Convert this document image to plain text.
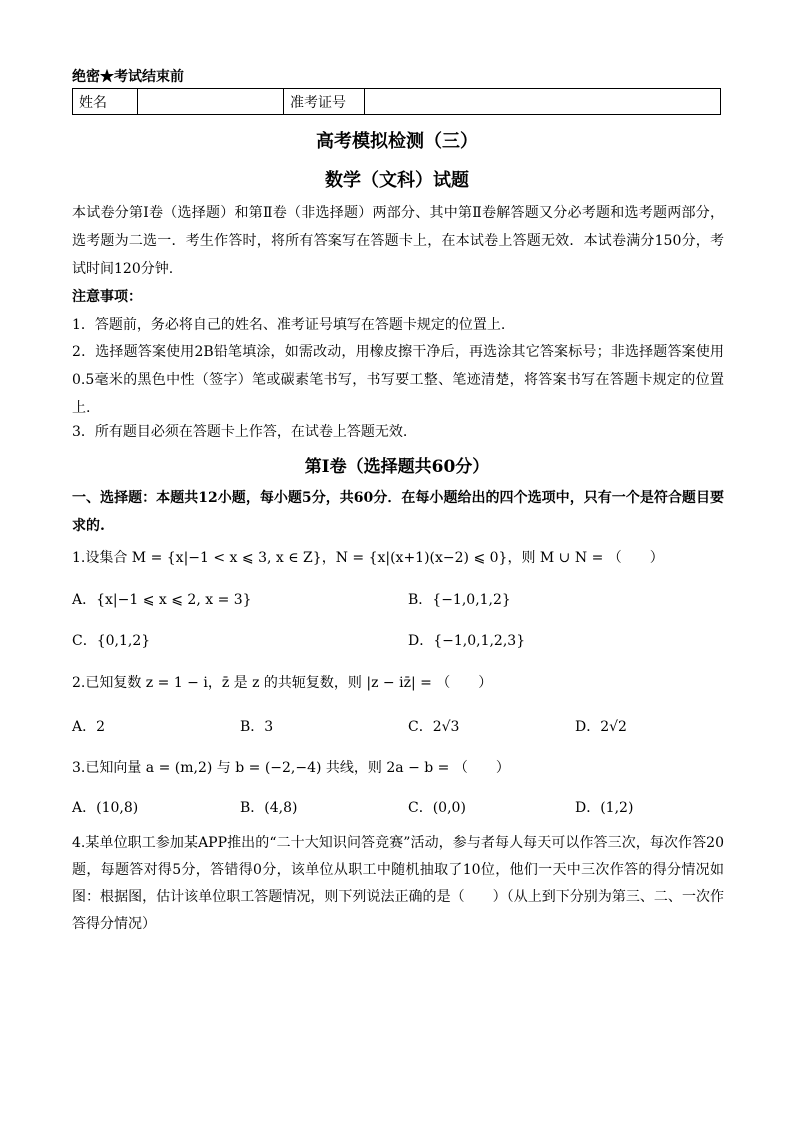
绝密★考试结束前
姓名		准考证号	
高考模拟检测（三）
数学（文科）试题
本试卷分第Ⅰ卷（选择题）和第Ⅱ卷（非选择题）两部分、其中第Ⅱ卷解答题又分必考题和选考题两部分，选考题为二选一．考生作答时，将所有答案写在答题卡上，在本试卷上答题无效．本试卷满分150分，考试时间120分钟.
注意事项：
1．答题前，务必将自己的姓名、准考证号填写在答题卡规定的位置上.
2．选择题答案使用2B铅笔填涂，如需改动，用橡皮擦干净后，再选涂其它答案标号；非选择题答案使用0.5毫米的黑色中性（签字）笔或碳素笔书写，书写要工整、笔迹清楚，将答案书写在答题卡规定的位置上.
3．所有题目必须在答题卡上作答，在试卷上答题无效.
第Ⅰ卷（选择题共60分）
一、选择题：本题共12小题，每小题5分，共60分．在每小题给出的四个选项中，只有一个是符合题目要求的.
1.设集合 M = {x|−1 < x ⩽ 3, x ∈ Z}，N = {x|(x+1)(x−2) ⩽ 0}，则 M ∪ N = （　　）
A．{x|−1 ⩽ x ⩽ 2, x = 3}	B．{−1,0,1,2}
C．{0,1,2}	D．{−1,0,1,2,3}
2.已知复数 z = 1 − i，z̄ 是 z 的共轭复数，则 |z − iz̄| = （　　）
A．2	B．3	C．2√3	D．2√2
3.已知向量 a = (m,2) 与 b = (−2,−4) 共线，则 2a − b = （　　）
A．(10,8)	B．(4,8)	C．(0,0)	D．(1,2)
4.某单位职工参加某APP推出的“二十大知识问答竞赛”活动，参与者每人每天可以作答三次，每次作答20题，每题答对得5分，答错得0分，该单位从职工中随机抽取了10位，他们一天中三次作答的得分情况如图：根据图，估计该单位职工答题情况，则下列说法正确的是（　　）（从上到下分别为第三、二、一次作答得分情况）
